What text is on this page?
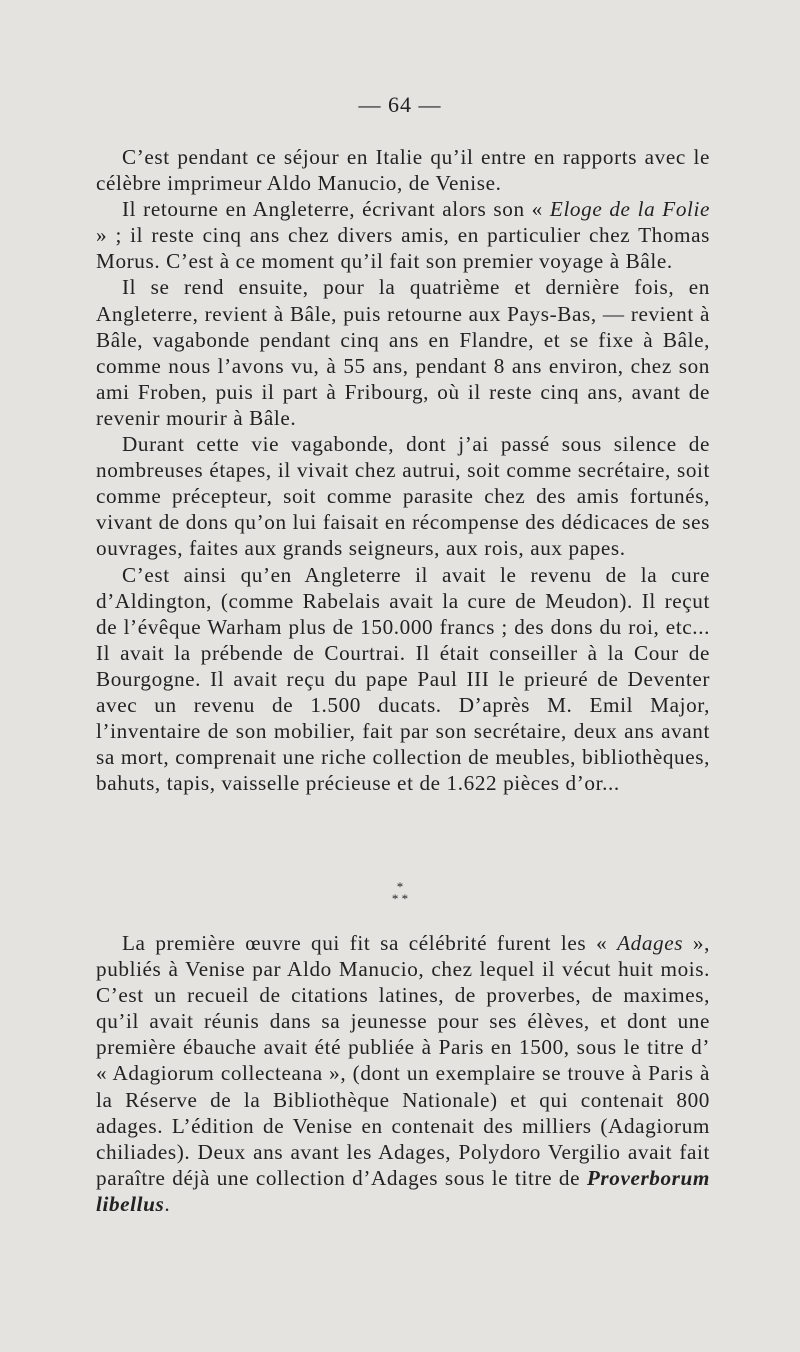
— 64 —

C’est pendant ce séjour en Italie qu’il entre en rapports avec le célèbre imprimeur Aldo Manucio, de Venise.

Il retourne en Angleterre, écrivant alors son « Eloge de la Folie » ; il reste cinq ans chez divers amis, en particulier chez Thomas Morus. C’est à ce moment qu’il fait son premier voyage à Bâle.

Il se rend ensuite, pour la quatrième et dernière fois, en Angleterre, revient à Bâle, puis retourne aux Pays-Bas, — revient à Bâle, vagabonde pendant cinq ans en Flandre, et se fixe à Bâle, comme nous l’avons vu, à 55 ans, pendant 8 ans environ, chez son ami Froben, puis il part à Fribourg, où il reste cinq ans, avant de revenir mourir à Bâle.

Durant cette vie vagabonde, dont j’ai passé sous silence de nombreuses étapes, il vivait chez autrui, soit comme secrétaire, soit comme précepteur, soit comme parasite chez des amis fortunés, vivant de dons qu’on lui faisait en récompense des dédicaces de ses ouvrages, faites aux grands seigneurs, aux rois, aux papes.

C’est ainsi qu’en Angleterre il avait le revenu de la cure d’Aldington, (comme Rabelais avait la cure de Meudon). Il reçut de l’évêque Warham plus de 150.000 francs ; des dons du roi, etc... Il avait la prébende de Courtrai. Il était conseiller à la Cour de Bourgogne. Il avait reçu du pape Paul III le prieuré de Deventer avec un revenu de 1.500 ducats. D’après M. Emil Major, l’inventaire de son mobilier, fait par son secrétaire, deux ans avant sa mort, comprenait une riche collection de meubles, bibliothèques, bahuts, tapis, vaisselle précieuse et de 1.622 pièces d’or...

*
* *

La première œuvre qui fit sa célébrité furent les « Adages », publiés à Venise par Aldo Manucio, chez lequel il vécut huit mois. C’est un recueil de citations latines, de proverbes, de maximes, qu’il avait réunis dans sa jeunesse pour ses élèves, et dont une première ébauche avait été publiée à Paris en 1500, sous le titre d’ « Adagiorum collecteana », (dont un exemplaire se trouve à Paris à la Réserve de la Bibliothèque Nationale) et qui contenait 800 adages. L’édition de Venise en contenait des milliers (Adagiorum chiliades). Deux ans avant les Adages, Polydoro Vergilio avait fait paraître déjà une collection d’Adages sous le titre de Proverborum libellus.
